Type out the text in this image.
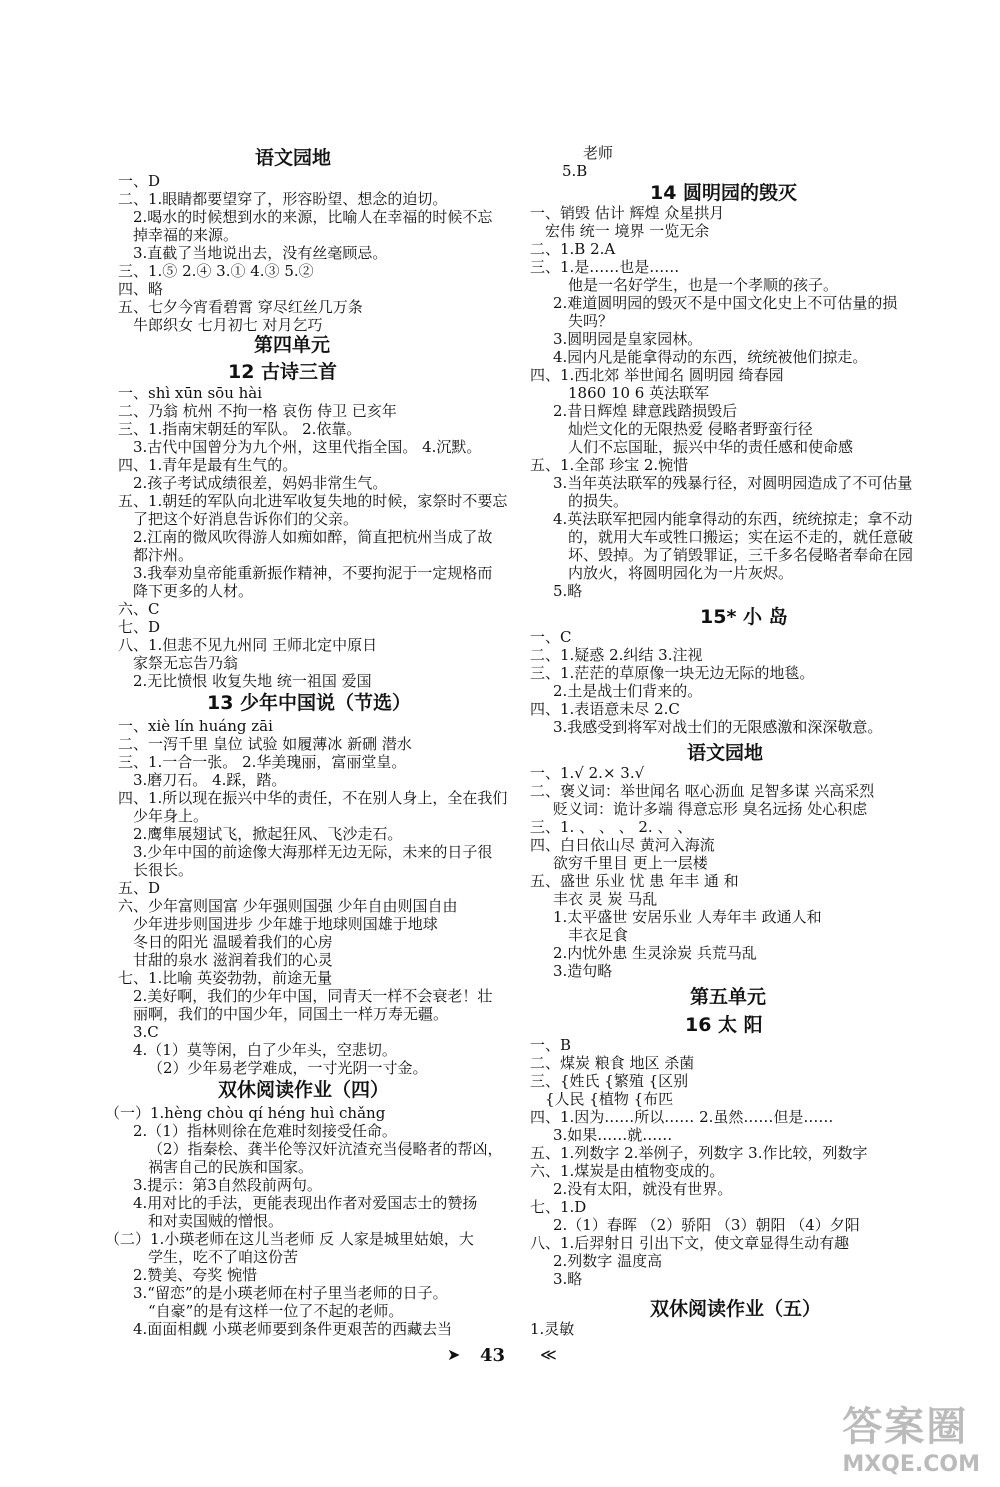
语文园地
一、D
二、1.眼睛都要望穿了，形容盼望、想念的迫切。
2.喝水的时候想到水的来源，比喻人在幸福的时候不忘
掉幸福的来源。
3.直截了当地说出去，没有丝毫顾忌。
三、1.⑤ 2.④ 3.① 4.③ 5.②
四、略
五、七夕今宵看碧霄 穿尽红丝几万条
牛郎织女 七月初七 对月乞巧
第四单元
12 古诗三首
一、shì xūn sōu hài
二、乃翁 杭州 不拘一格 哀伤 侍卫 已亥年
三、1.指南宋朝廷的军队。 2.依靠。
3.古代中国曾分为九个州，这里代指全国。 4.沉默。
四、1.青年是最有生气的。
2.孩子考试成绩很差，妈妈非常生气。
五、1.朝廷的军队向北进军收复失地的时候，家祭时不要忘
了把这个好消息告诉你们的父亲。
2.江南的微风吹得游人如痴如醉，简直把杭州当成了故
都汴州。
3.我奉劝皇帝能重新振作精神，不要拘泥于一定规格而
降下更多的人材。
六、C
七、D
八、1.但悲不见九州同 王师北定中原日
家祭无忘告乃翁
2.无比愤恨 收复失地 统一祖国 爱国
13 少年中国说（节选）
一、xiè lín huáng zāi
二、一泻千里 皇位 试验 如履薄冰 新硎 潜水
三、1.一合一张。 2.华美瑰丽，富丽堂皇。
3.磨刀石。 4.踩，踏。
四、1.所以现在振兴中华的责任，不在别人身上，全在我们
少年身上。
2.鹰隼展翅试飞，掀起狂风、飞沙走石。
3.少年中国的前途像大海那样无边无际，未来的日子很
长很长。
五、D
六、少年富则国富 少年强则国强 少年自由则国自由
少年进步则国进步 少年雄于地球则国雄于地球
冬日的阳光 温暖着我们的心房
甘甜的泉水 滋润着我们的心灵
七、1.比喻 英姿勃勃，前途无量
2.美好啊，我们的少年中国，同青天一样不会衰老！壮
丽啊，我们的中国少年，同国土一样万寿无疆。
3.C
4.（1）莫等闲，白了少年头，空悲切。
（2）少年易老学难成，一寸光阴一寸金。
双休阅读作业（四）
（一）1.hèng chòu qí héng huì chǎng
2.（1）指林则徐在危难时刻接受任命。
（2）指秦桧、龚半伦等汉奸沆渣充当侵略者的帮凶，
祸害自己的民族和国家。
3.提示：第3自然段前两句。
4.用对比的手法，更能表现出作者对爱国志士的赞扬
和对卖国贼的憎恨。
（二）1.小瑛老师在这儿当老师 反 人家是城里姑娘，大
学生，吃不了咱这份苦
2.赞美、夸奖 惋惜
3.“留恋”的是小瑛老师在村子里当老师的日子。
“自豪”的是有这样一位了不起的老师。
4.面面相觑 小瑛老师要到条件更艰苦的西藏去当
老师
5.B
14 圆明园的毁灭
一、销毁 估计 辉煌 众星拱月
宏伟 统一 境界 一览无余
二、1.B 2.A
三、1.是……也是……
他是一名好学生，也是一个孝顺的孩子。
2.难道圆明园的毁灭不是中国文化史上不可估量的损
失吗？
3.圆明园是皇家园林。
4.园内凡是能拿得动的东西，统统被他们掠走。
四、1.西北郊 举世闻名 圆明园 绮春园
1860 10 6 英法联军
2.昔日辉煌 肆意践踏损毁后
灿烂文化的无限热爱 侵略者野蛮行径
人们不忘国耻，振兴中华的责任感和使命感
五、1.全部 珍宝 2.惋惜
3.当年英法联军的残暴行径，对圆明园造成了不可估量
的损失。
4.英法联军把园内能拿得动的东西，统统掠走；拿不动
的，就用大车或牲口搬运；实在运不走的，就任意破
坏、毁掉。为了销毁罪证，三千多名侵略者奉命在园
内放火，将圆明园化为一片灰烬。
5.略
15* 小 岛
一、C
二、1.疑惑 2.纠结 3.注视
三、1.茫茫的草原像一块无边无际的地毯。
2.土是战士们背来的。
四、1.表语意未尽 2.C
3.我感受到将军对战士们的无限感激和深深敬意。
语文园地
一、1.√ 2.× 3.√
二、褒义词：举世闻名 呕心沥血 足智多谋 兴高采烈
贬义词：诡计多端 得意忘形 臭名远扬 处心积虑
三、1. 、 、 、 2. 、 、
四、白日依山尽 黄河入海流
欲穷千里目 更上一层楼
五、盛世 乐业 忧 患 年丰 通 和
丰衣 灵 炭 马乱
1.太平盛世 安居乐业 人寿年丰 政通人和
丰衣足食
2.内忧外患 生灵涂炭 兵荒马乱
3.造句略
第五单元
16 太 阳
一、B
二、煤炭 粮食 地区 杀菌
三、{姓氏 {繁殖 {区别
{人民 {植物 {布匹
四、1.因为……所以…… 2.虽然……但是……
3.如果……就……
五、1.列数字 2.举例子，列数字 3.作比较，列数字
六、1.煤炭是由植物变成的。
2.没有太阳，就没有世界。
七、1.D
2.（1）春晖 （2）骄阳 （3）朝阳 （4）夕阳
八、1.后羿射日 引出下文，使文章显得生动有趣
2.列数字 温度高
3.略
双休阅读作业（五）
1.灵敏
➤ 43 ≪
答案圈
MXQE.COM
